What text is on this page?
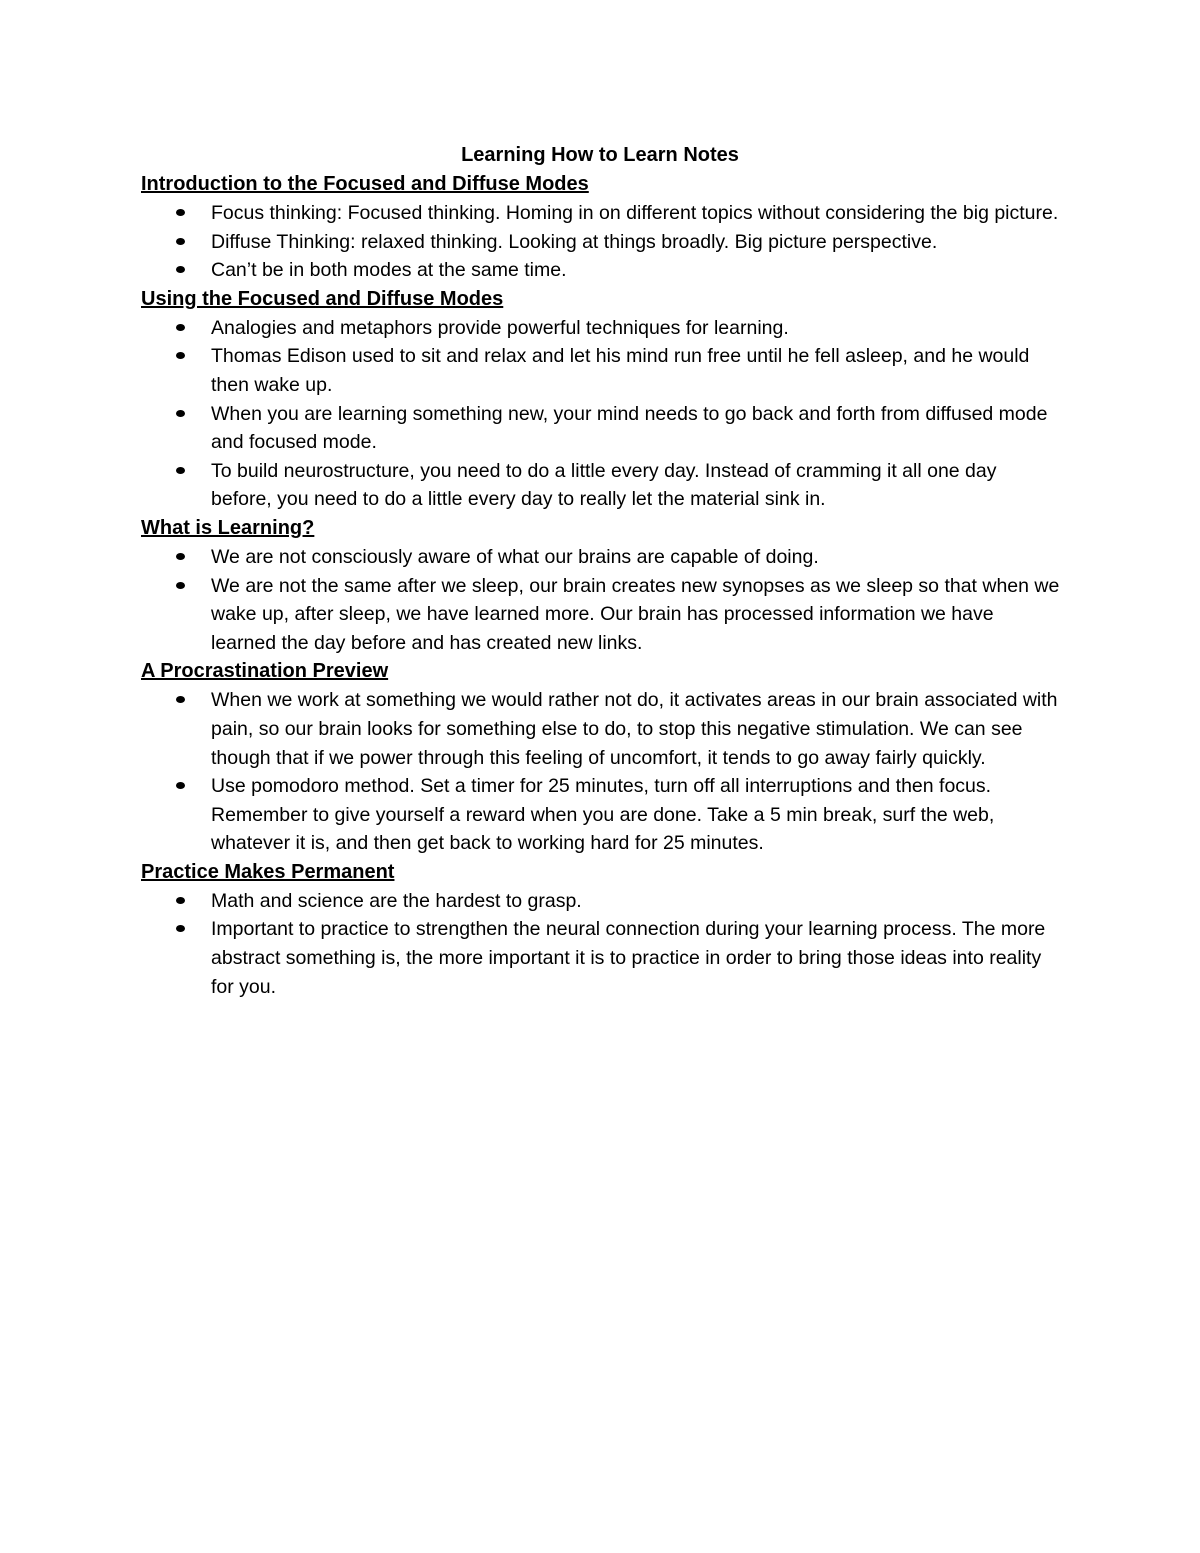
Learning How to Learn Notes
Introduction to the Focused and Diffuse Modes
Focus thinking: Focused thinking. Homing in on different topics without considering the big picture.
Diffuse Thinking: relaxed thinking. Looking at things broadly. Big picture perspective.
Can’t be in both modes at the same time.
Using the Focused and Diffuse Modes
Analogies and metaphors provide powerful techniques for learning.
Thomas Edison used to sit and relax and let his mind run free until he fell asleep, and he would then wake up.
When you are learning something new, your mind needs to go back and forth from diffused mode and focused mode.
To build neurostructure, you need to do a little every day. Instead of cramming it all one day before, you need to do a little every day to really let the material sink in.
What is Learning?
We are not consciously aware of what our brains are capable of doing.
We are not the same after we sleep, our brain creates new synopses as we sleep so that when we wake up, after sleep, we have learned more. Our brain has processed information we have learned the day before and has created new links.
A Procrastination Preview
When we work at something we would rather not do, it activates areas in our brain associated with pain, so our brain looks for something else to do, to stop this negative stimulation. We can see though that if we power through this feeling of uncomfort, it tends to go away fairly quickly.
Use pomodoro method. Set a timer for 25 minutes, turn off all interruptions and then focus. Remember to give yourself a reward when you are done. Take a 5 min break, surf the web, whatever it is, and then get back to working hard for 25 minutes.
Practice Makes Permanent
Math and science are the hardest to grasp.
Important to practice to strengthen the neural connection during your learning process. The more abstract something is, the more important it is to practice in order to bring those ideas into reality for you.
